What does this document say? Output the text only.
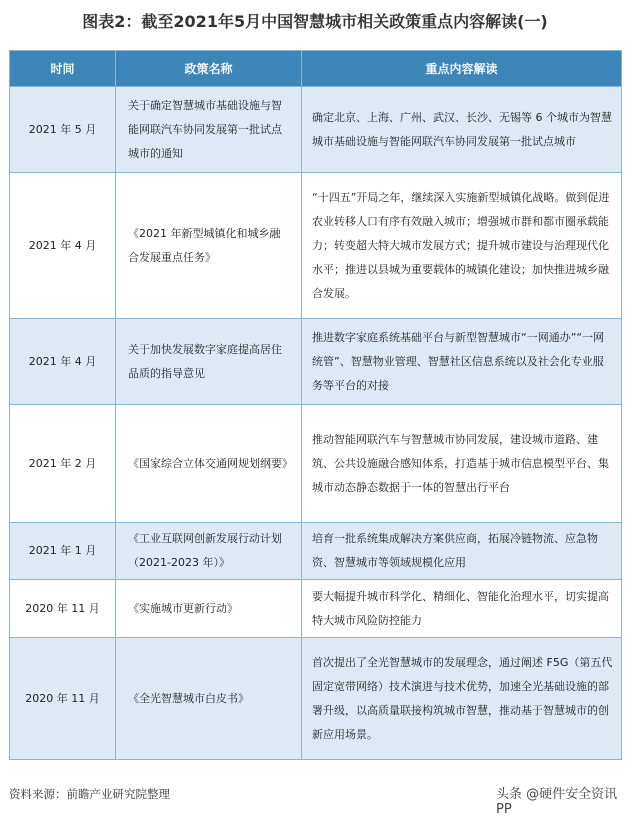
图表2：截至2021年5月中国智慧城市相关政策重点内容解读(一)
时间	政策名称	重点内容解读
2021 年 5 月	关于确定智慧城市基础设施与智能网联汽车协同发展第一批试点城市的通知	确定北京、上海、广州、武汉、长沙、无锡等 6 个城市为智慧城市基础设施与智能网联汽车协同发展第一批试点城市
2021 年 4 月	《2021 年新型城镇化和城乡融合发展重点任务》	“十四五”开局之年，继续深入实施新型城镇化战略。做到促进农业转移人口有序有效融入城市；增强城市群和都市圈承载能力；转变超大特大城市发展方式；提升城市建设与治理现代化水平；推进以县城为重要载体的城镇化建设；加快推进城乡融合发展。
2021 年 4 月	关于加快发展数字家庭提高居住品质的指导意见	推进数字家庭系统基础平台与新型智慧城市“一网通办”“一网统管”、智慧物业管理、智慧社区信息系统以及社会化专业服务等平台的对接
2021 年 2 月	《国家综合立体交通网规划纲要》	推动智能网联汽车与智慧城市协同发展，建设城市道路、建筑、公共设施融合感知体系，打造基于城市信息模型平台、集城市动态静态数据于一体的智慧出行平台
2021 年 1 月	《工业互联网创新发展行动计划（2021-2023 年）》	培育一批系统集成解决方案供应商，拓展冷链物流、应急物资、智慧城市等领域规模化应用
2020 年 11 月	《实施城市更新行动》	要大幅提升城市科学化、精细化、智能化治理水平，切实提高特大城市风险防控能力
2020 年 11 月	《全光智慧城市白皮书》	首次提出了全光智慧城市的发展理念，通过阐述 F5G（第五代固定宽带网络）技术演进与技术优势，加速全光基础设施的部署升级，以高质量联接构筑城市智慧，推动基于智慧城市的创新应用场景。
资料来源：前瞻产业研究院整理	头条 @硬件安全资讯PP
